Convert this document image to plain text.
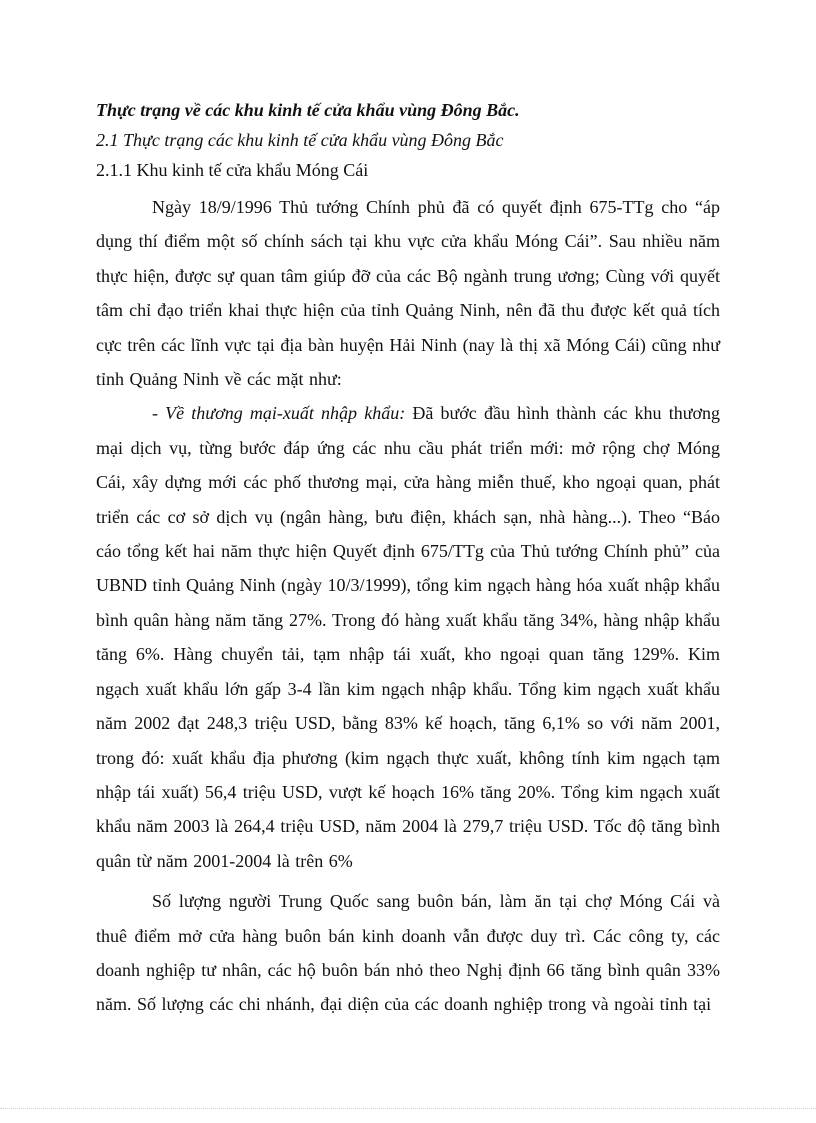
Thực trạng về các khu kinh tế cửa khẩu vùng Đông Bắc.
2.1 Thực trạng các khu kinh tế cửa khẩu vùng Đông Bắc
2.1.1 Khu kinh tế cửa khẩu Móng Cái

Ngày 18/9/1996 Thủ tướng Chính phủ đã có quyết định 675-TTg cho “áp dụng thí điểm một số chính sách tại khu vực cửa khẩu Móng Cái”. Sau nhiều năm thực hiện, được sự quan tâm giúp đỡ của các Bộ ngành trung ương; Cùng với quyết tâm chỉ đạo triển khai thực hiện của tỉnh Quảng Ninh, nên đã thu được kết quả tích cực trên các lĩnh vực tại địa bàn huyện Hải Ninh (nay là thị xã Móng Cái) cũng như tỉnh Quảng Ninh về các mặt như:

- Về thương mại-xuất nhập khẩu: Đã bước đầu hình thành các khu thương mại dịch vụ, từng bước đáp ứng các nhu cầu phát triển mới: mở rộng chợ Móng Cái, xây dựng mới các phố thương mại, cửa hàng miễn thuế, kho ngoại quan, phát triển các cơ sở dịch vụ (ngân hàng, bưu điện, khách sạn, nhà hàng...). Theo “Báo cáo tổng kết hai năm thực hiện Quyết định 675/TTg của Thủ tướng Chính phủ” của UBND tỉnh Quảng Ninh (ngày 10/3/1999), tổng kim ngạch hàng hóa xuất nhập khẩu bình quân hàng năm tăng 27%. Trong đó hàng xuất khẩu tăng 34%, hàng nhập khẩu tăng 6%. Hàng chuyển tải, tạm nhập tái xuất, kho ngoại quan tăng 129%. Kim ngạch xuất khẩu lớn gấp 3-4 lần kim ngạch nhập khẩu. Tổng kim ngạch xuất khẩu năm 2002 đạt 248,3 triệu USD, bằng 83% kế hoạch, tăng 6,1% so với năm 2001, trong đó: xuất khẩu địa phương (kim ngạch thực xuất, không tính kim ngạch tạm nhập tái xuất) 56,4 triệu USD, vượt kế hoạch 16% tăng 20%. Tổng kim ngạch xuất khẩu năm 2003 là 264,4 triệu USD, năm 2004 là 279,7 triệu USD. Tốc độ tăng bình quân từ năm 2001-2004 là trên 6%

Số lượng người Trung Quốc sang buôn bán, làm ăn tại chợ Móng Cái và thuê điểm mở cửa hàng buôn bán kinh doanh vẫn được duy trì. Các công ty, các doanh nghiệp tư nhân, các hộ buôn bán nhỏ theo Nghị định 66 tăng bình quân 33% năm. Số lượng các chi nhánh, đại diện của các doanh nghiệp trong và ngoài tỉnh tại
